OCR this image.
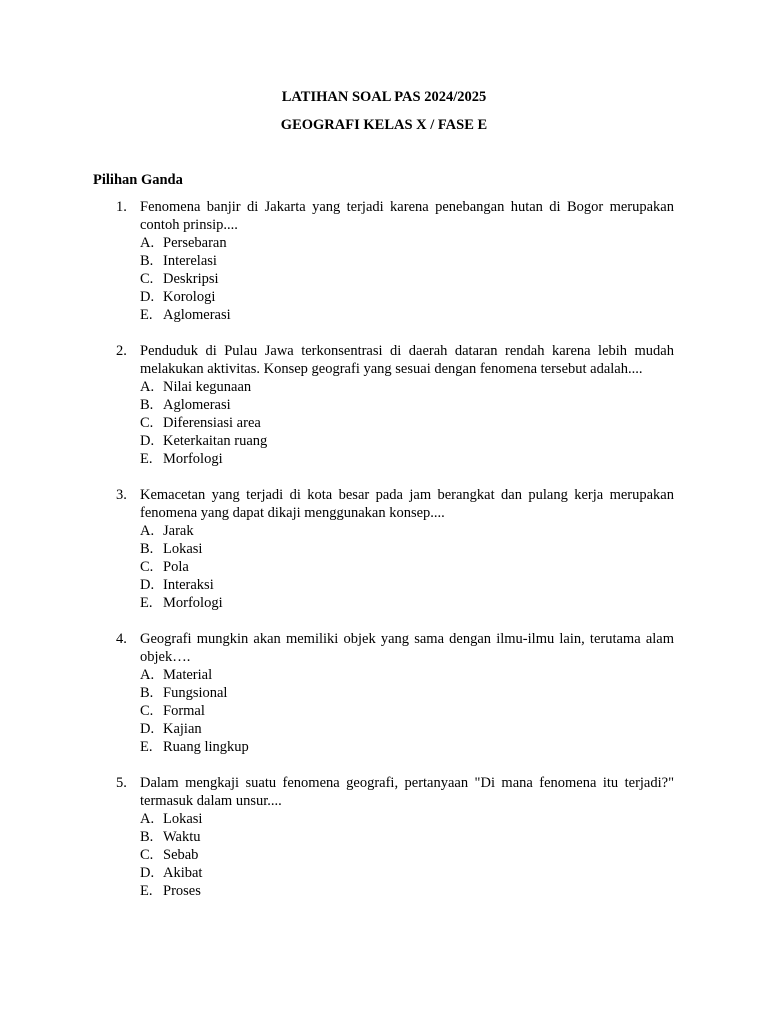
LATIHAN SOAL PAS 2024/2025
GEOGRAFI KELAS X / FASE E
Pilihan Ganda
1. Fenomena banjir di Jakarta yang terjadi karena penebangan hutan di Bogor merupakan contoh prinsip....
A. Persebaran
B. Interelasi
C. Deskripsi
D. Korologi
E. Aglomerasi
2. Penduduk di Pulau Jawa terkonsentrasi di daerah dataran rendah karena lebih mudah melakukan aktivitas. Konsep geografi yang sesuai dengan fenomena tersebut adalah....
A. Nilai kegunaan
B. Aglomerasi
C. Diferensiasi area
D. Keterkaitan ruang
E. Morfologi
3. Kemacetan yang terjadi di kota besar pada jam berangkat dan pulang kerja merupakan fenomena yang dapat dikaji menggunakan konsep....
A. Jarak
B. Lokasi
C. Pola
D. Interaksi
E. Morfologi
4. Geografi mungkin akan memiliki objek yang sama dengan ilmu-ilmu lain, terutama alam objek….
A. Material
B. Fungsional
C. Formal
D. Kajian
E. Ruang lingkup
5. Dalam mengkaji suatu fenomena geografi, pertanyaan "Di mana fenomena itu terjadi?" termasuk dalam unsur....
A. Lokasi
B. Waktu
C. Sebab
D. Akibat
E. Proses
